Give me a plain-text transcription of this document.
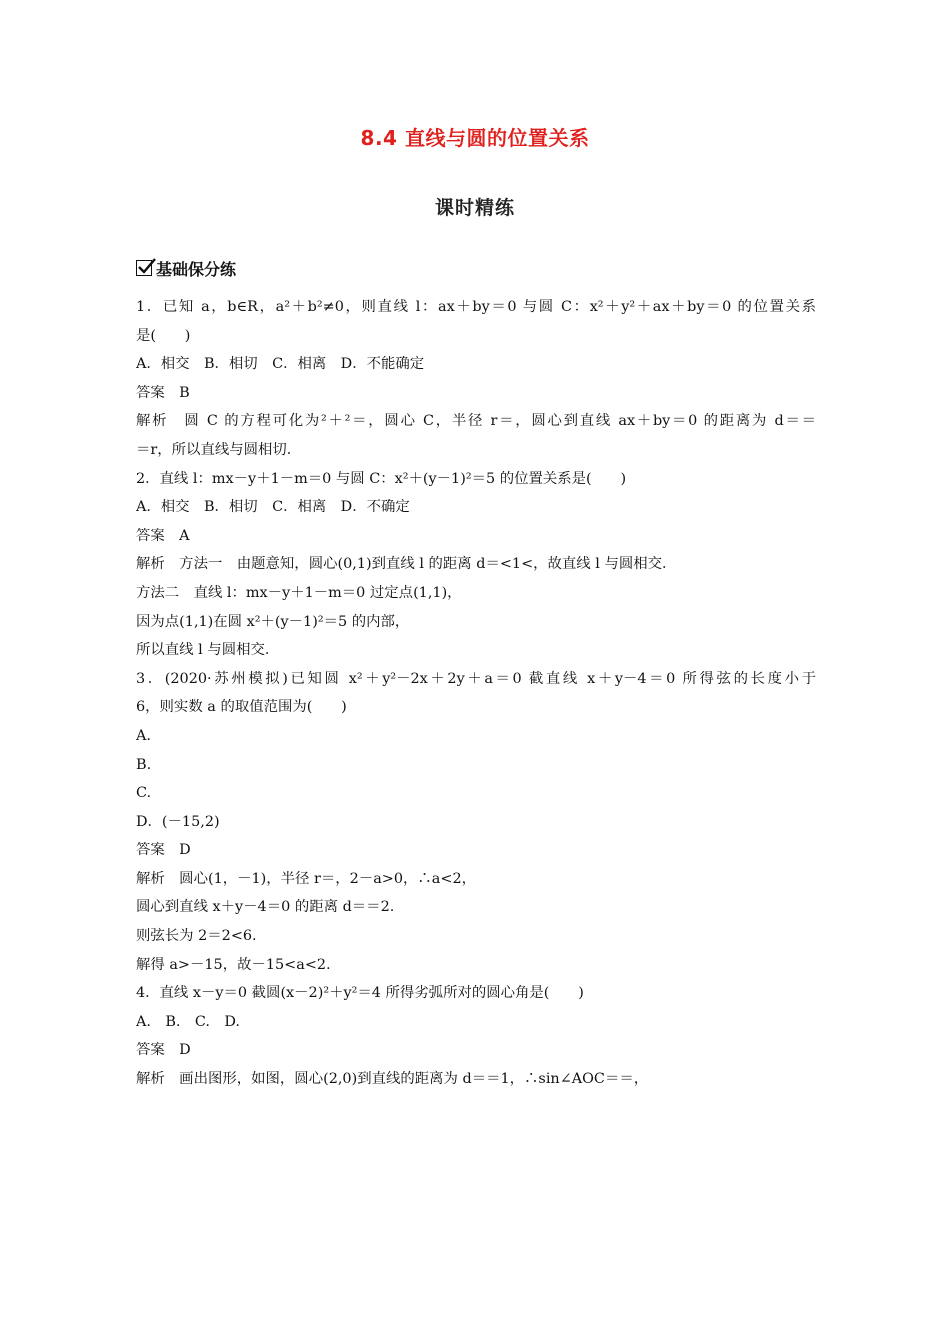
8.4 直线与圆的位置关系
课时精练
基础保分练
1．已知 a，b∈R，a²＋b²≠0，则直线 l：ax＋by＝0 与圆 C：x²＋y²＋ax＋by＝0 的位置关系
是(　　)
A．相交　B．相切　C．相离　D．不能确定
答案　B
解析　圆 C 的方程可化为²＋²＝，圆心 C，半径 r＝，圆心到直线 ax＋by＝0 的距离为 d＝＝
＝r，所以直线与圆相切．
2．直线 l：mx－y＋1－m＝0 与圆 C：x²＋(y－1)²＝5 的位置关系是(　　)
A．相交　B．相切　C．相离　D．不确定
答案　A
解析　方法一　由题意知，圆心(0,1)到直线 l 的距离 d＝<1<，故直线 l 与圆相交．
方法二　直线 l：mx－y＋1－m＝0 过定点(1,1)，
因为点(1,1)在圆 x²＋(y－1)²＝5 的内部，
所以直线 l 与圆相交．
3．(2020·苏州模拟)已知圆 x²＋y²－2x＋2y＋a＝0 截直线 x＋y－4＝0 所得弦的长度小于
6，则实数 a 的取值范围为(　　)
A.
B.
C.
D．(－15,2)
答案　D
解析　圆心(1，－1)，半径 r＝，2－a>0，∴a<2，
圆心到直线 x＋y－4＝0 的距离 d＝＝2.
则弦长为 2＝2<6.
解得 a>－15，故－15<a<2.
4．直线 x－y＝0 截圆(x－2)²＋y²＝4 所得劣弧所对的圆心角是(　　)
A.　B.　C.　D.
答案　D
解析　画出图形，如图，圆心(2,0)到直线的距离为 d＝＝1，∴sin∠AOC＝＝，
